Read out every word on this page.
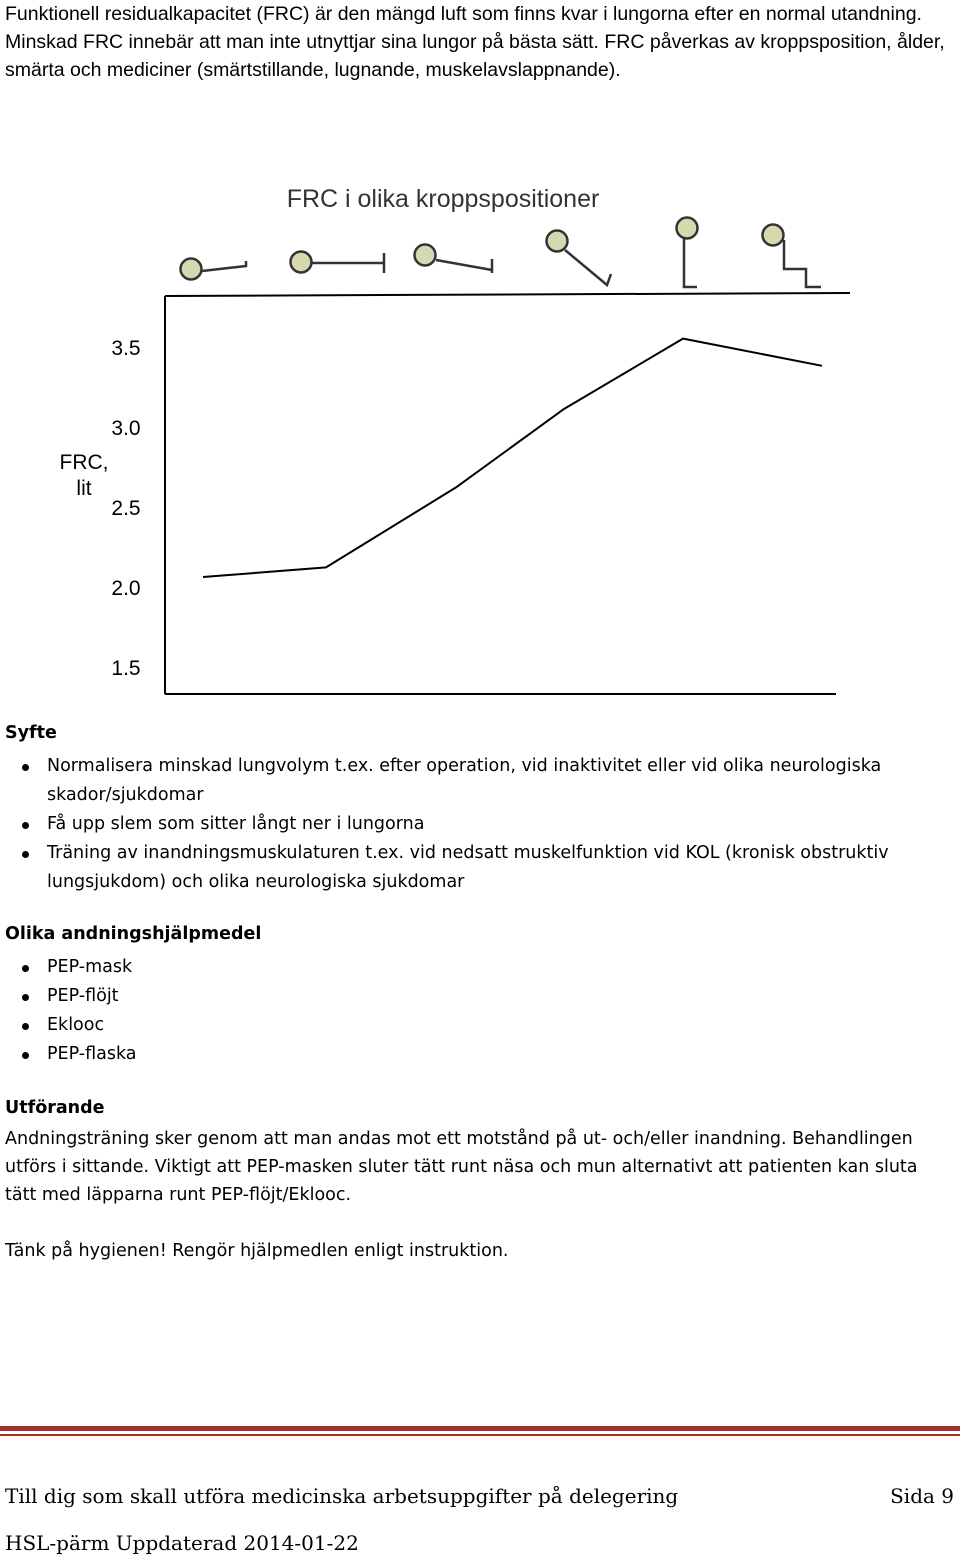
Funktionell residualkapacitet (FRC) är den mängd luft som finns kvar i lungorna efter en normal utandning. Minskad FRC innebär att man inte utnyttjar sina lungor på bästa sätt. FRC påverkas av kroppsposition, ålder, smärta och mediciner (smärtstillande, lugnande, muskelavslappnande).

FRC i olika kroppspositioner
3.5
3.0
2.5
2.0
1.5
FRC,
lit
Syfte
Normalisera minskad lungvolym t.ex. efter operation, vid inaktivitet eller vid olika neurologiska skador/sjukdomar
Få upp slem som sitter långt ner i lungorna
Träning av inandningsmuskulaturen t.ex. vid nedsatt muskelfunktion vid KOL (kronisk obstruktiv lungsjukdom) och olika neurologiska sjukdomar
Olika andningshjälpmedel
PEP-mask
PEP-flöjt
Eklooc
PEP-flaska
Utförande

Andningsträning sker genom att man andas mot ett motstånd på ut- och/eller inandning. Behandlingen utförs i sittande. Viktigt att PEP-masken sluter tätt runt näsa och mun alternativt att patienten kan sluta tätt med läpparna runt PEP-flöjt/Eklooc.

Tänk på hygienen! Rengör hjälpmedlen enligt instruktion.

Till dig som skall utföra medicinska arbetsuppgifter på delegering	Sida 9
HSL-pärm Uppdaterad 2014-01-22
